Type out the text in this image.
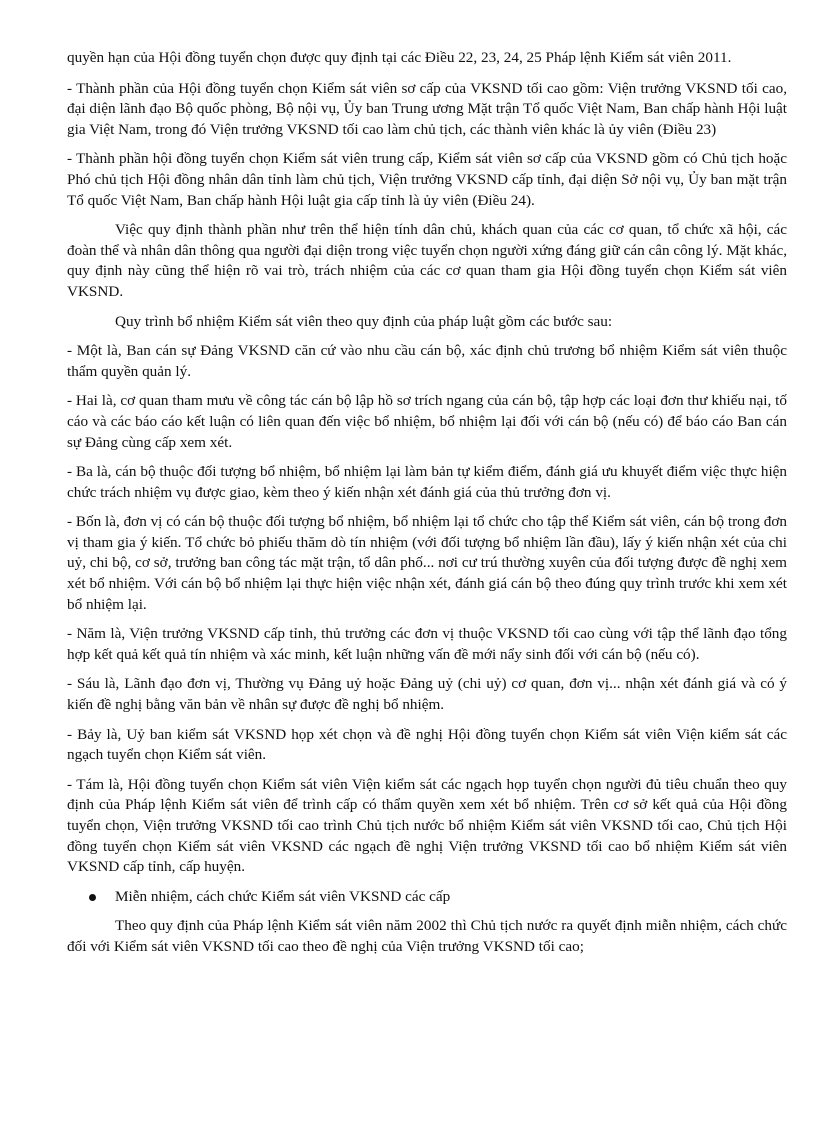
quyền hạn của Hội đồng tuyển chọn được quy định tại các Điều 22, 23, 24, 25 Pháp lệnh Kiểm sát viên 2011.

- Thành phần của Hội đồng tuyển chọn Kiểm sát viên sơ cấp của VKSND tối cao gồm: Viện trưởng VKSND tối cao, đại diện lãnh đạo Bộ quốc phòng, Bộ nội vụ, Ủy ban Trung ương Mặt trận Tổ quốc Việt Nam, Ban chấp hành Hội luật gia Việt Nam, trong đó Viện trưởng VKSND tối cao làm chủ tịch, các thành viên khác là ủy viên (Điều 23)

- Thành phần hội đồng tuyển chọn Kiểm sát viên trung cấp, Kiểm sát viên sơ cấp của VKSND gồm có Chủ tịch hoặc Phó chủ tịch Hội đồng nhân dân tỉnh làm chủ tịch, Viện trưởng VKSND cấp tỉnh, đại diện Sở nội vụ, Ủy ban mặt trận Tổ quốc Việt Nam, Ban chấp hành Hội luật gia cấp tỉnh là ủy viên (Điều 24).

Việc quy định thành phần như trên thể hiện tính dân chủ, khách quan của các cơ quan, tổ chức xã hội, các đoàn thể và nhân dân thông qua người đại diện trong việc tuyển chọn người xứng đáng giữ cán cân công lý. Mặt khác, quy định này cũng thể hiện rõ vai trò, trách nhiệm của các cơ quan tham gia Hội đồng tuyển chọn Kiểm sát viên VKSND.

Quy trình bổ nhiệm Kiểm sát viên theo quy định của pháp luật gồm các bước sau:

- Một là, Ban cán sự Đảng VKSND căn cứ vào nhu cầu cán bộ, xác định chủ trương bổ nhiệm Kiểm sát viên thuộc thẩm quyền quản lý.

- Hai là, cơ quan tham mưu về công tác cán bộ lập hồ sơ trích ngang của cán bộ, tập hợp các loại đơn thư khiếu nại, tố cáo và các báo cáo kết luận có liên quan đến việc bổ nhiệm, bổ nhiệm lại đối với cán bộ (nếu có) để báo cáo Ban cán sự Đảng cùng cấp xem xét.

- Ba là, cán bộ thuộc đối tượng bổ nhiệm, bổ nhiệm lại làm bản tự kiểm điểm, đánh giá ưu khuyết điểm việc thực hiện chức trách nhiệm vụ được giao, kèm theo ý kiến nhận xét đánh giá của thủ trưởng đơn vị.

- Bốn là, đơn vị có cán bộ thuộc đối tượng bổ nhiệm, bổ nhiệm lại tổ chức cho tập thể Kiểm sát viên, cán bộ trong đơn vị tham gia ý kiến. Tổ chức bỏ phiếu thăm dò tín nhiệm (với đối tượng bổ nhiệm lần đầu), lấy ý kiến nhận xét của chi uỷ, chi bộ, cơ sở, trưởng ban công tác mặt trận, tổ dân phố... nơi cư trú thường xuyên của đối tượng được đề nghị xem xét bổ nhiệm. Với cán bộ bổ nhiệm lại thực hiện việc nhận xét, đánh giá cán bộ theo đúng quy trình trước khi xem xét bổ nhiệm lại.

- Năm là, Viện trưởng VKSND cấp tỉnh, thủ trưởng các đơn vị thuộc VKSND tối cao cùng với tập thể lãnh đạo tổng hợp kết quả kết quả tín nhiệm và xác minh, kết luận những vấn đề mới nẩy sinh đối với cán bộ (nếu có).

- Sáu là, Lãnh đạo đơn vị, Thường vụ Đảng uỷ hoặc Đảng uỷ (chi uỷ) cơ quan, đơn vị... nhận xét đánh giá và có ý kiến đề nghị bằng văn bản về nhân sự được đề nghị bổ nhiệm.

- Bảy là, Uỷ ban kiểm sát VKSND họp xét chọn và đề nghị Hội đồng tuyển chọn Kiểm sát viên Viện kiểm sát các ngạch tuyển chọn Kiểm sát viên.

- Tám là, Hội đồng tuyển chọn Kiểm sát viên Viện kiểm sát các ngạch họp tuyển chọn người đủ tiêu chuẩn theo quy định của Pháp lệnh Kiểm sát viên để trình cấp có thẩm quyền xem xét bổ nhiệm. Trên cơ sở kết quả của Hội đồng tuyển chọn, Viện trưởng VKSND tối cao trình Chủ tịch nước bổ nhiệm Kiểm sát viên VKSND tối cao, Chủ tịch Hội đồng tuyển chọn Kiểm sát viên VKSND các ngạch đề nghị Viện trưởng VKSND tối cao bổ nhiệm Kiểm sát viên VKSND cấp tỉnh, cấp huyện.

Miễn nhiệm, cách chức Kiểm sát viên VKSND các cấp

Theo quy định của Pháp lệnh Kiểm sát viên năm 2002 thì Chủ tịch nước ra quyết định miễn nhiệm, cách chức đối với Kiểm sát viên VKSND tối cao theo đề nghị của Viện trưởng VKSND tối cao;
